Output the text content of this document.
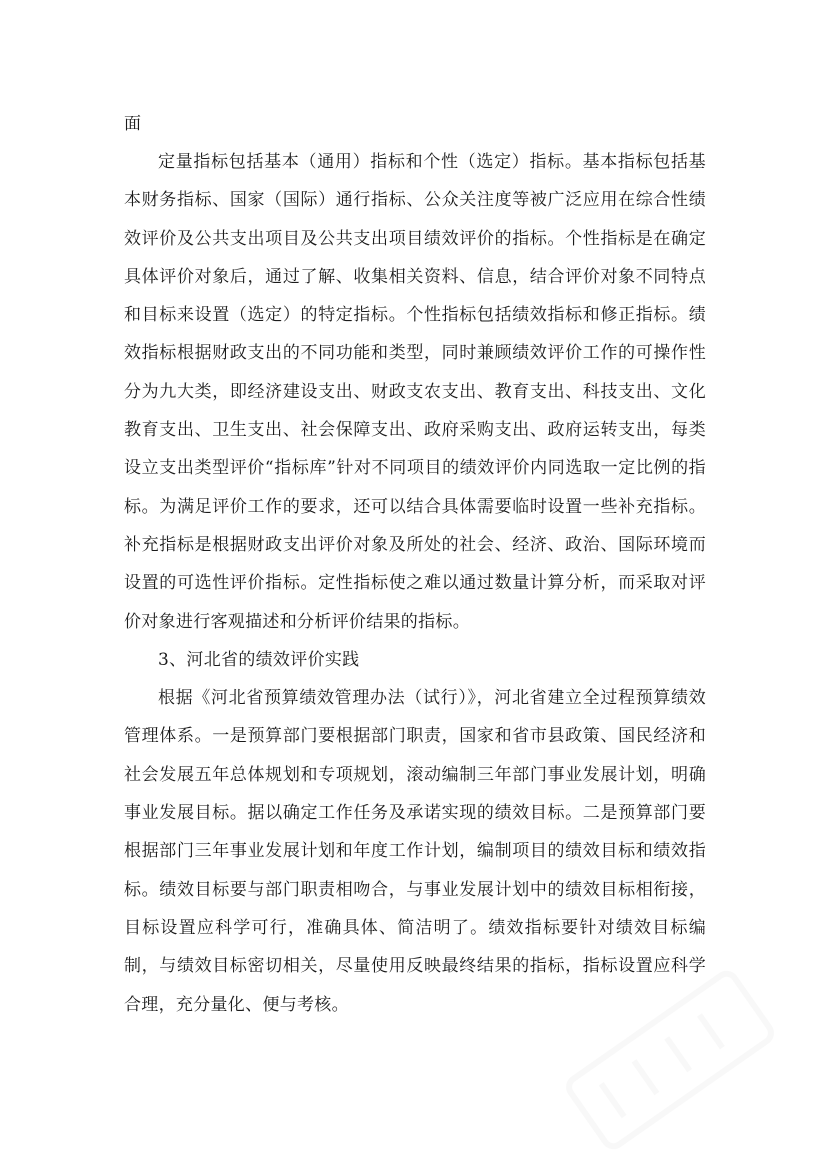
面

定量指标包括基本（通用）指标和个性（选定）指标。基本指标包括基本财务指标、国家（国际）通行指标、公众关注度等被广泛应用在综合性绩效评价及公共支出项目及公共支出项目绩效评价的指标。个性指标是在确定具体评价对象后，通过了解、收集相关资料、信息，结合评价对象不同特点和目标来设置（选定）的特定指标。个性指标包括绩效指标和修正指标。绩效指标根据财政支出的不同功能和类型，同时兼顾绩效评价工作的可操作性分为九大类，即经济建设支出、财政支农支出、教育支出、科技支出、文化教育支出、卫生支出、社会保障支出、政府采购支出、政府运转支出，每类设立支出类型评价“指标库”针对不同项目的绩效评价内同选取一定比例的指标。为满足评价工作的要求，还可以结合具体需要临时设置一些补充指标。补充指标是根据财政支出评价对象及所处的社会、经济、政治、国际环境而设置的可选性评价指标。定性指标使之难以通过数量计算分析，而采取对评价对象进行客观描述和分析评价结果的指标。

3、河北省的绩效评价实践

根据《河北省预算绩效管理办法（试行）》，河北省建立全过程预算绩效管理体系。一是预算部门要根据部门职责，国家和省市县政策、国民经济和社会发展五年总体规划和专项规划，滚动编制三年部门事业发展计划，明确事业发展目标。据以确定工作任务及承诺实现的绩效目标。二是预算部门要根据部门三年事业发展计划和年度工作计划，编制项目的绩效目标和绩效指标。绩效目标要与部门职责相吻合，与事业发展计划中的绩效目标相衔接，目标设置应科学可行，准确具体、简洁明了。绩效指标要针对绩效目标编制，与绩效目标密切相关，尽量使用反映最终结果的指标，指标设置应科学合理，充分量化、便与考核。
